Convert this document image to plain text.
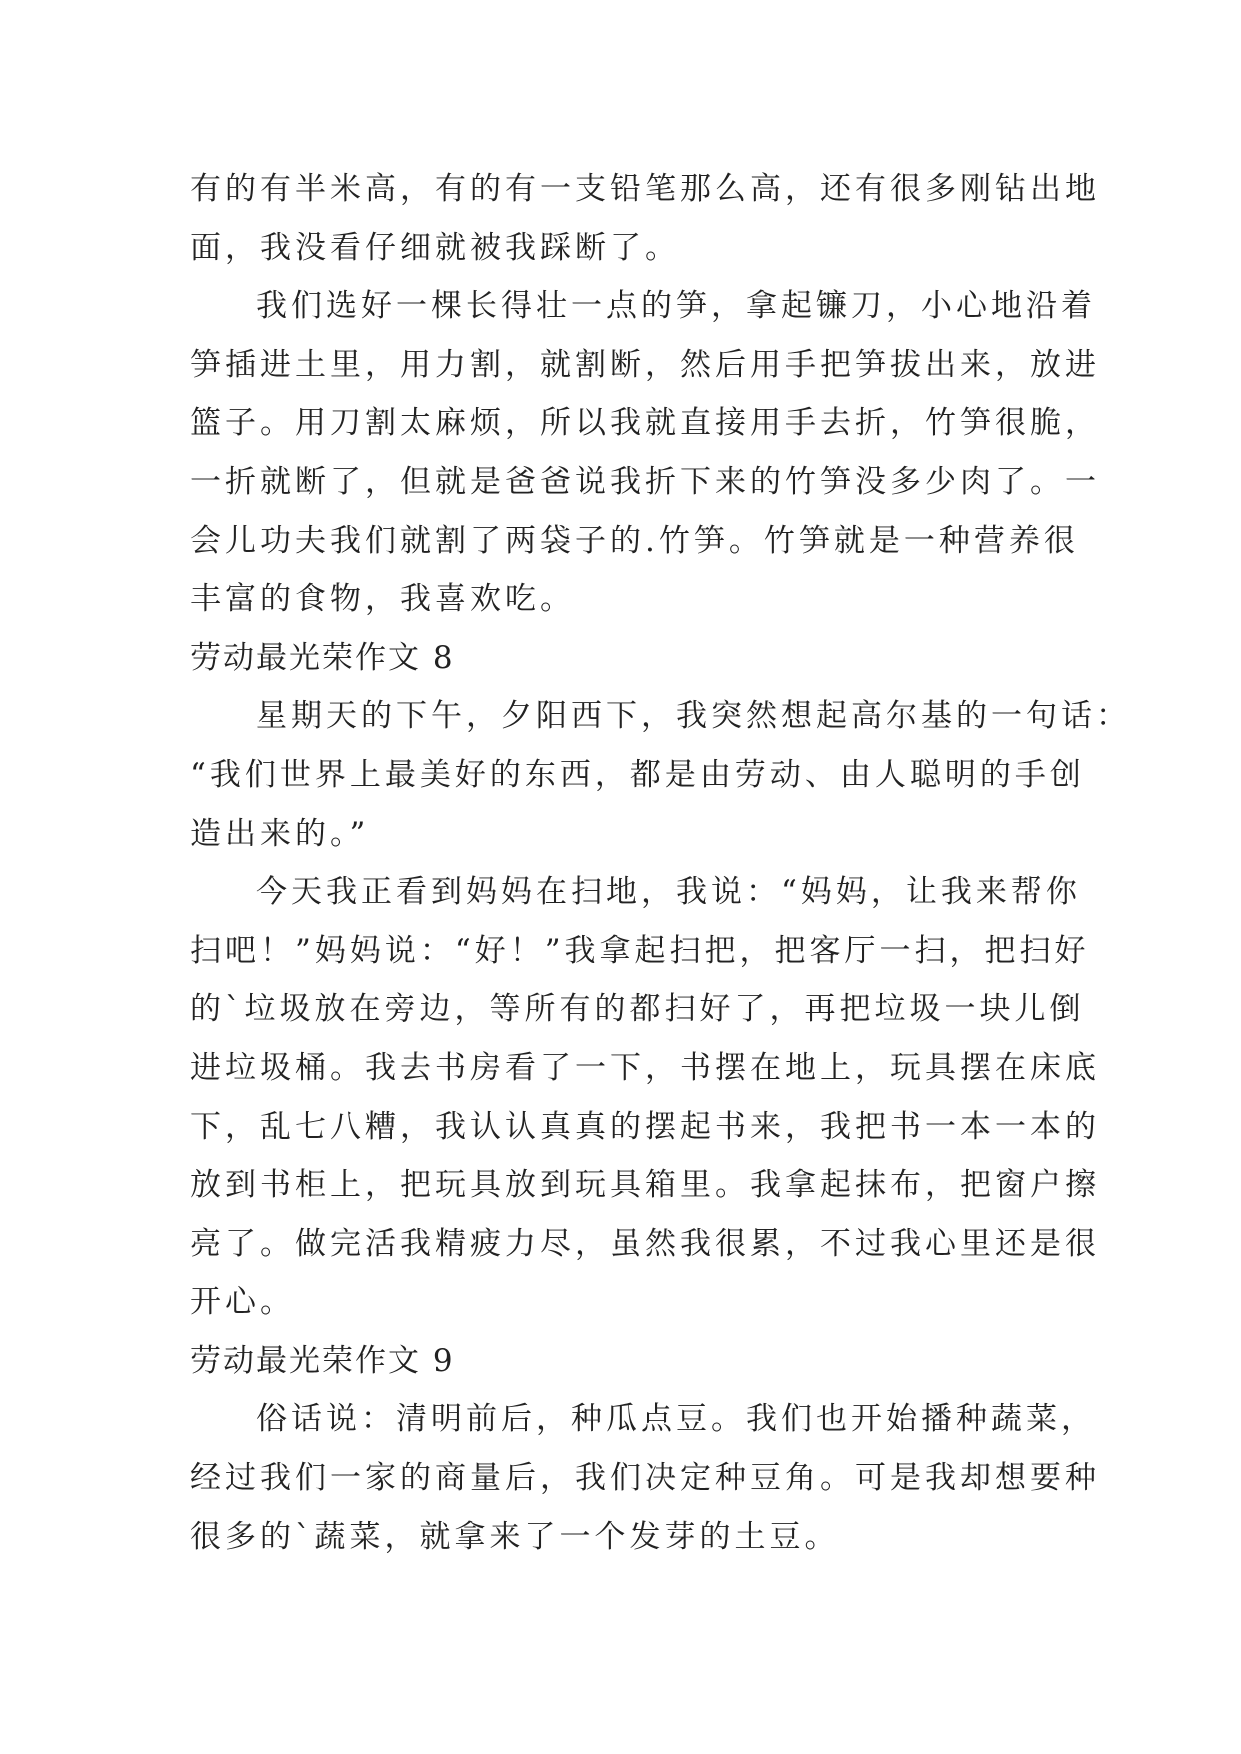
有的有半米高，有的有一支铅笔那么高，还有很多刚钻出地
面，我没看仔细就被我踩断了。
我们选好一棵长得壮一点的笋，拿起镰刀，小心地沿着
笋插进土里，用力割，就割断，然后用手把笋拔出来，放进
篮子。用刀割太麻烦，所以我就直接用手去折，竹笋很脆，
一折就断了，但就是爸爸说我折下来的竹笋没多少肉了。一
会儿功夫我们就割了两袋子的.竹笋。竹笋就是一种营养很
丰富的食物，我喜欢吃。
劳动最光荣作文 8
星期天的下午，夕阳西下，我突然想起高尔基的一句话：
“我们世界上最美好的东西，都是由劳动、由人聪明的手创
造出来的。”
今天我正看到妈妈在扫地，我说：“妈妈，让我来帮你
扫吧！”妈妈说：“好！”我拿起扫把，把客厅一扫，把扫好
的`垃圾放在旁边，等所有的都扫好了，再把垃圾一块儿倒
进垃圾桶。我去书房看了一下，书摆在地上，玩具摆在床底
下，乱七八糟，我认认真真的摆起书来，我把书一本一本的
放到书柜上，把玩具放到玩具箱里。我拿起抹布，把窗户擦
亮了。做完活我精疲力尽，虽然我很累，不过我心里还是很
开心。
劳动最光荣作文 9
俗话说：清明前后，种瓜点豆。我们也开始播种蔬菜，
经过我们一家的商量后，我们决定种豆角。可是我却想要种
很多的`蔬菜，就拿来了一个发芽的土豆。
